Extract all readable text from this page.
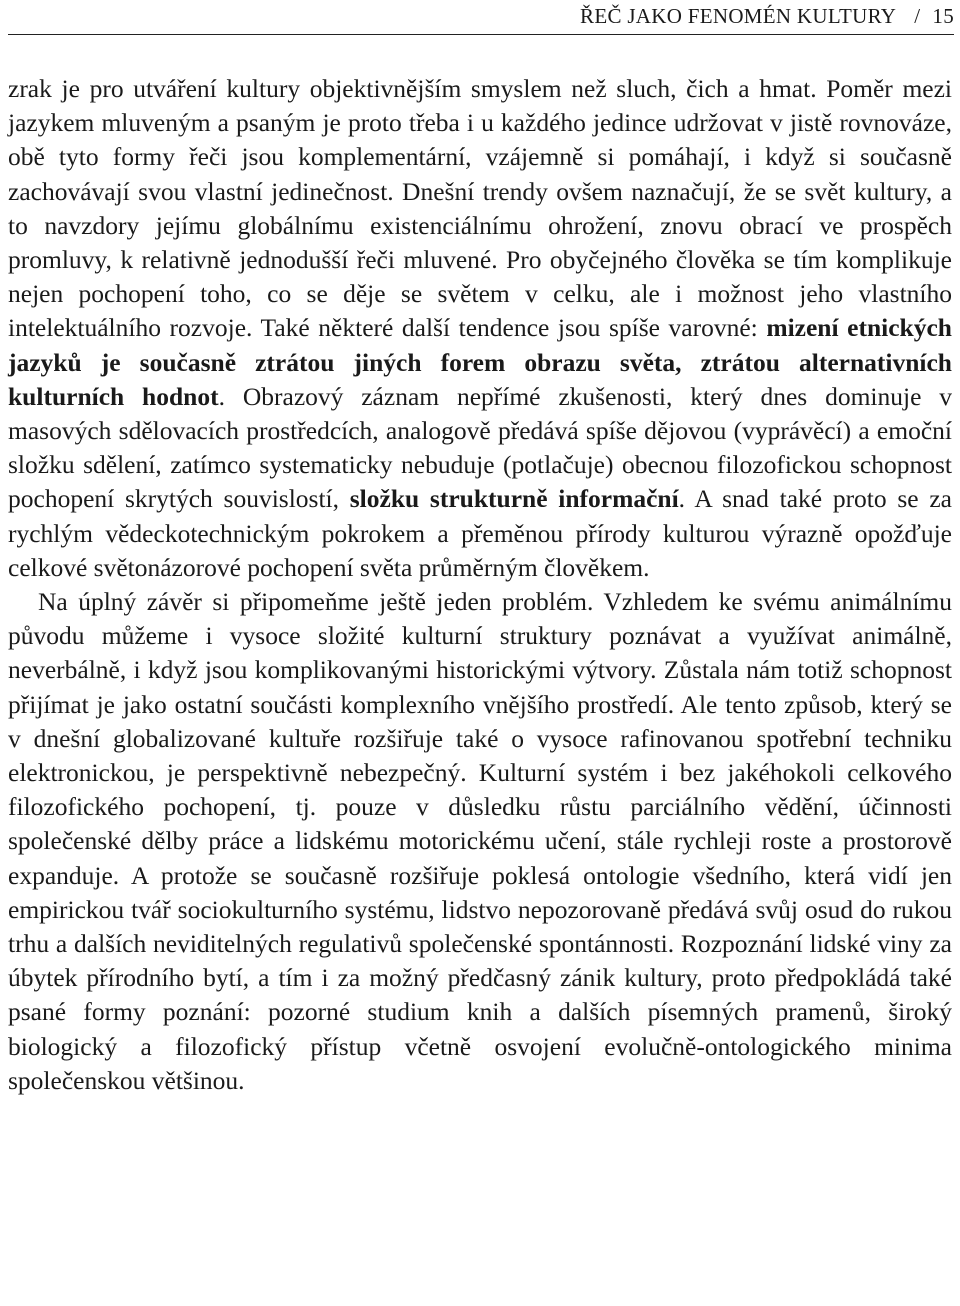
ŘEČ JAKO FENOMÉN KULTURY / 15

zrak je pro utváření kultury objektivnějším smyslem než sluch, čich a hmat. Poměr mezi jazykem mluveným a psaným je proto třeba i u každého jedince udržovat v jistě rovnováze, obě tyto formy řeči jsou komplementární, vzájemně si pomáhají, i když si současně zachovávají svou vlastní jedinečnost. Dnešní trendy ovšem naznačují, že se svět kultury, a to navzdory jejímu globálnímu existenciálnímu ohrožení, znovu obrací ve prospěch promluvy, k relativně jednodušší řeči mluvené. Pro obyčejného člověka se tím komplikuje nejen pochopení toho, co se děje se světem v celku, ale i možnost jeho vlastního intelektuálního rozvoje. Také některé další tendence jsou spíše varovné: mizení etnických jazyků je současně ztrátou jiných forem obrazu světa, ztrátou alternativních kulturních hodnot. Obrazový záznam nepřímé zkušenosti, který dnes dominuje v masových sdělovacích prostředcích, analogově předává spíše dějovou (vyprávěcí) a emoční složku sdělení, zatímco systematicky nebuduje (potlačuje) obecnou filozofickou schopnost pochopení skrytých souvislostí, složku strukturně informační. A snad také proto se za rychlým vědeckotechnickým pokrokem a přeměnou přírody kulturou výrazně opožďuje celkové světonázorové pochopení světa průměrným člověkem.

Na úplný závěr si připomeňme ještě jeden problém. Vzhledem ke svému animálnímu původu můžeme i vysoce složité kulturní struktury poznávat a využívat animálně, neverbálně, i když jsou komplikovanými historickými výtvory. Zůstala nám totiž schopnost přijímat je jako ostatní součásti komplexního vnějšího prostředí. Ale tento způsob, který se v dnešní globalizované kultuře rozšiřuje také o vysoce rafinovanou spotřební techniku elektronickou, je perspektivně nebezpečný. Kulturní systém i bez jakéhokoli celkového filozofického pochopení, tj. pouze v důsledku růstu parciálního vědění, účinnosti společenské dělby práce a lidskému motorickému učení, stále rychleji roste a prostorově expanduje. A protože se současně rozšiřuje poklesá ontologie všedního, která vidí jen empirickou tvář sociokulturního systému, lidstvo nepozorovaně předává svůj osud do rukou trhu a dalších neviditelných regulativů společenské spontánnosti. Rozpoznání lidské viny za úbytek přírodního bytí, a tím i za možný předčasný zánik kultury, proto předpokládá také psané formy poznání: pozorné studium knih a dalších písemných pramenů, široký biologický a filozofický přístup včetně osvojení evolučně-ontologického minima společenskou většinou.
